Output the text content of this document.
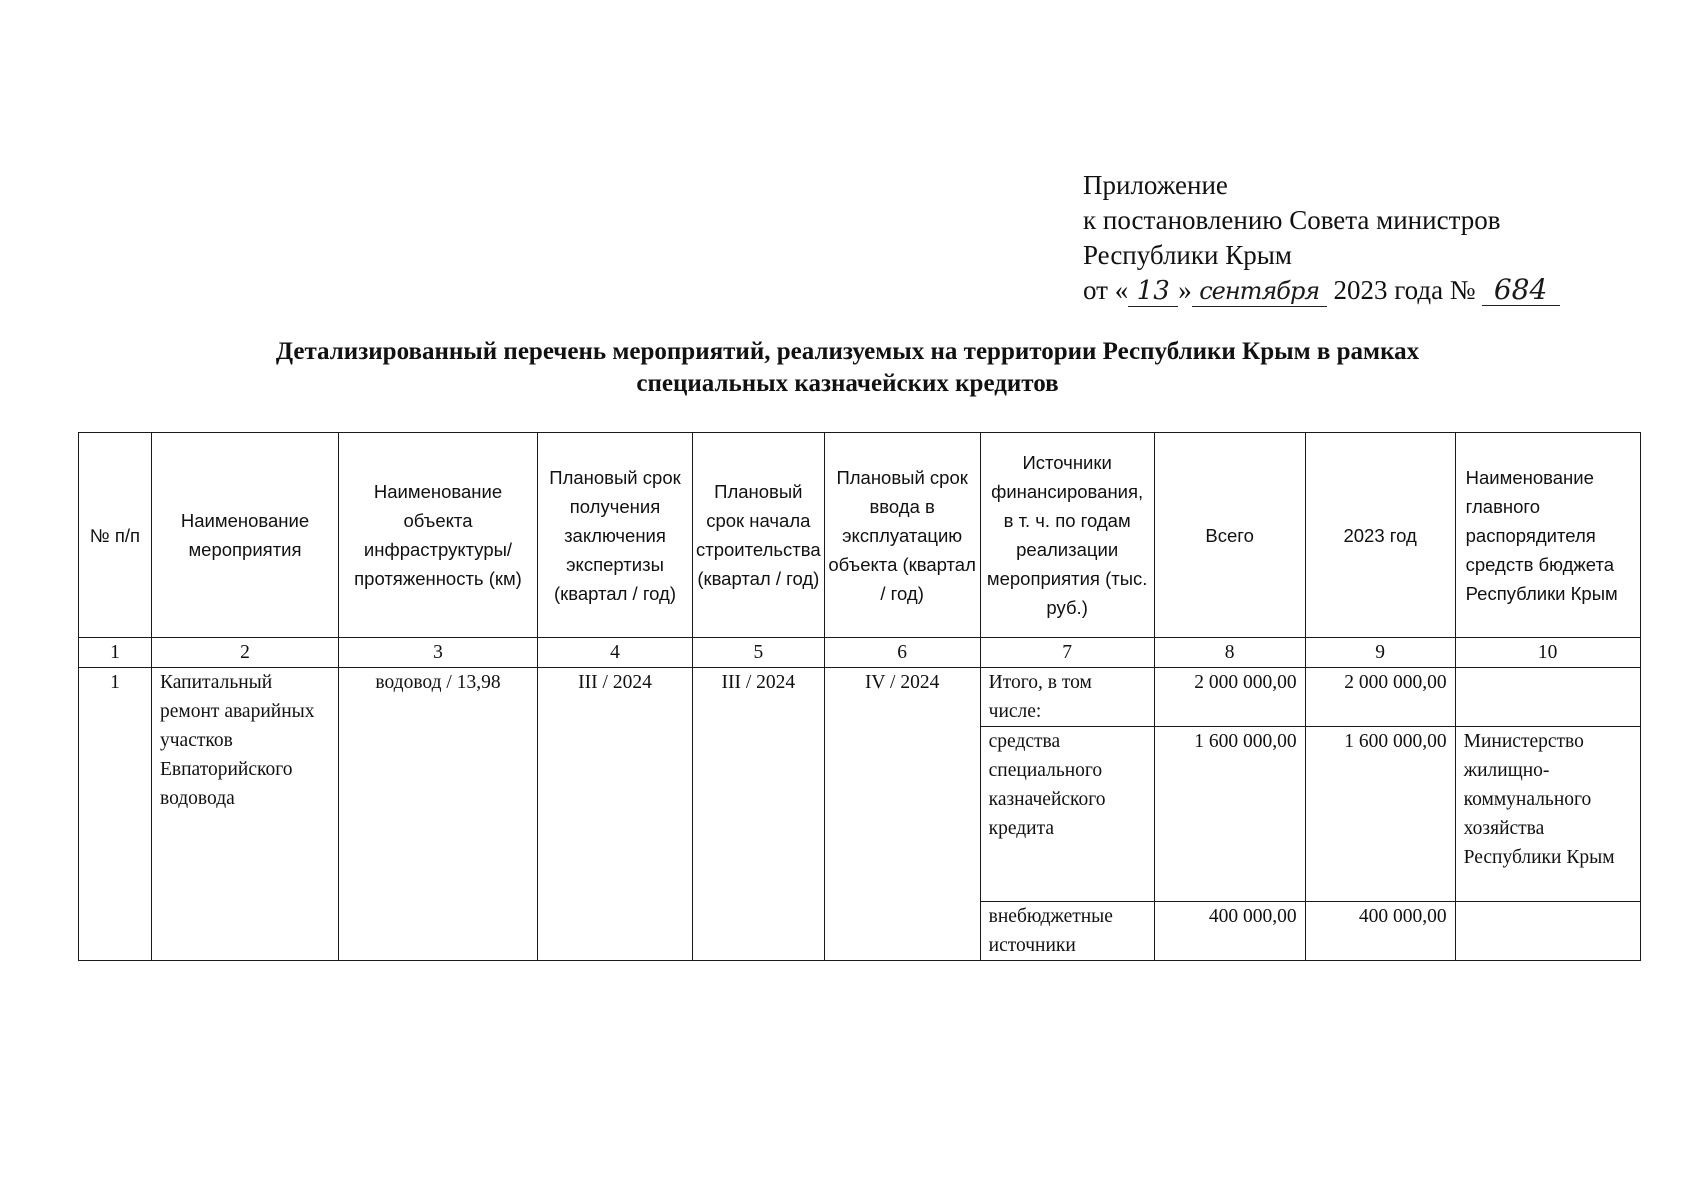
Приложение
к постановлению Совета министров
Республики Крым
от « 13 » сентября 2023 года № 684
Детализированный перечень мероприятий, реализуемых на территории Республики Крым в рамках
специальных казначейских кредитов
№ п/п	Наименование мероприятия	Наименование объекта инфраструктуры/ протяженность (км)	Плановый срок получения заключения экспертизы (квартал / год)	Плановый срок начала строительства (квартал / год)	Плановый срок ввода в эксплуатацию объекта (квартал / год)	Источники финансирования, в т. ч. по годам реализации мероприятия (тыс. руб.)	Всего	2023 год	Наименование главного распорядителя средств бюджета Республики Крым
1	2	3	4	5	6	7	8	9	10
1	Капитальный ремонт аварийных участков Евпаторийского водовода	водовод / 13,98	III / 2024	III / 2024	IV / 2024	Итого, в том числе:	2 000 000,00	2 000 000,00	
						средства специального казначейского кредита	1 600 000,00	1 600 000,00	Министерство жилищно-коммунального хозяйства Республики Крым
						внебюджетные источники	400 000,00	400 000,00	
